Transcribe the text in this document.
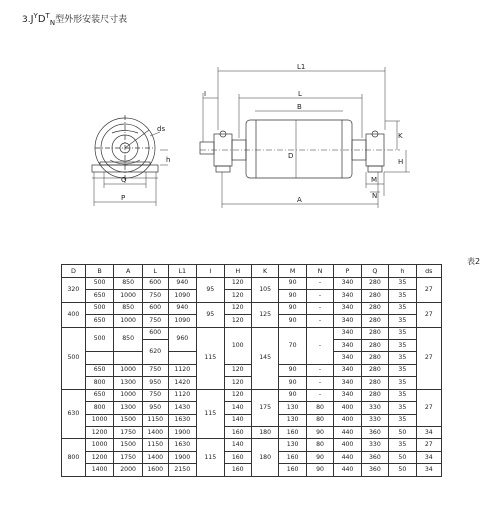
$3.J^YD^T_N$型外形安装尺寸表
ds
h
Q
P
L1
L
B
D
A
I
K
H
M
N
表2
D	B	A	L	L1	I	H	K	M	N	P	Q	h	ds
320	500	850	600	940	95	120	105	90	-	340	280	35	27
	650	1000	750	1090		120		90	-	340	280	35	
400	500	850	600	940	95	120	125	90	-	340	280	35	27
	650	1000	750	1090		120		90	-	340	280	35	
500	500	850	600	960	115	100	145	70	-	340	280	35	27
			620							340	280	35	
										340	280	35	
	650	1000	750	1120		120		90	-	340	280	35	
	800	1300	950	1420		120		90	-	340	280	35	
630	650	1000	750	1120	115	120	175	90	-	340	280	35	27
	800	1300	950	1430		140		130	80	400	330	35	
	1000	1500	1150	1630		140		130	80	400	330	35	
	1200	1750	1400	1900		160	180	160	90	440	360	50	34
800	1000	1500	1150	1630	115	140	180	130	80	400	330	35	27
	1200	1750	1400	1900		160		160	90	440	360	50	34
	1400	2000	1600	2150		160		160	90	440	360	50	34
